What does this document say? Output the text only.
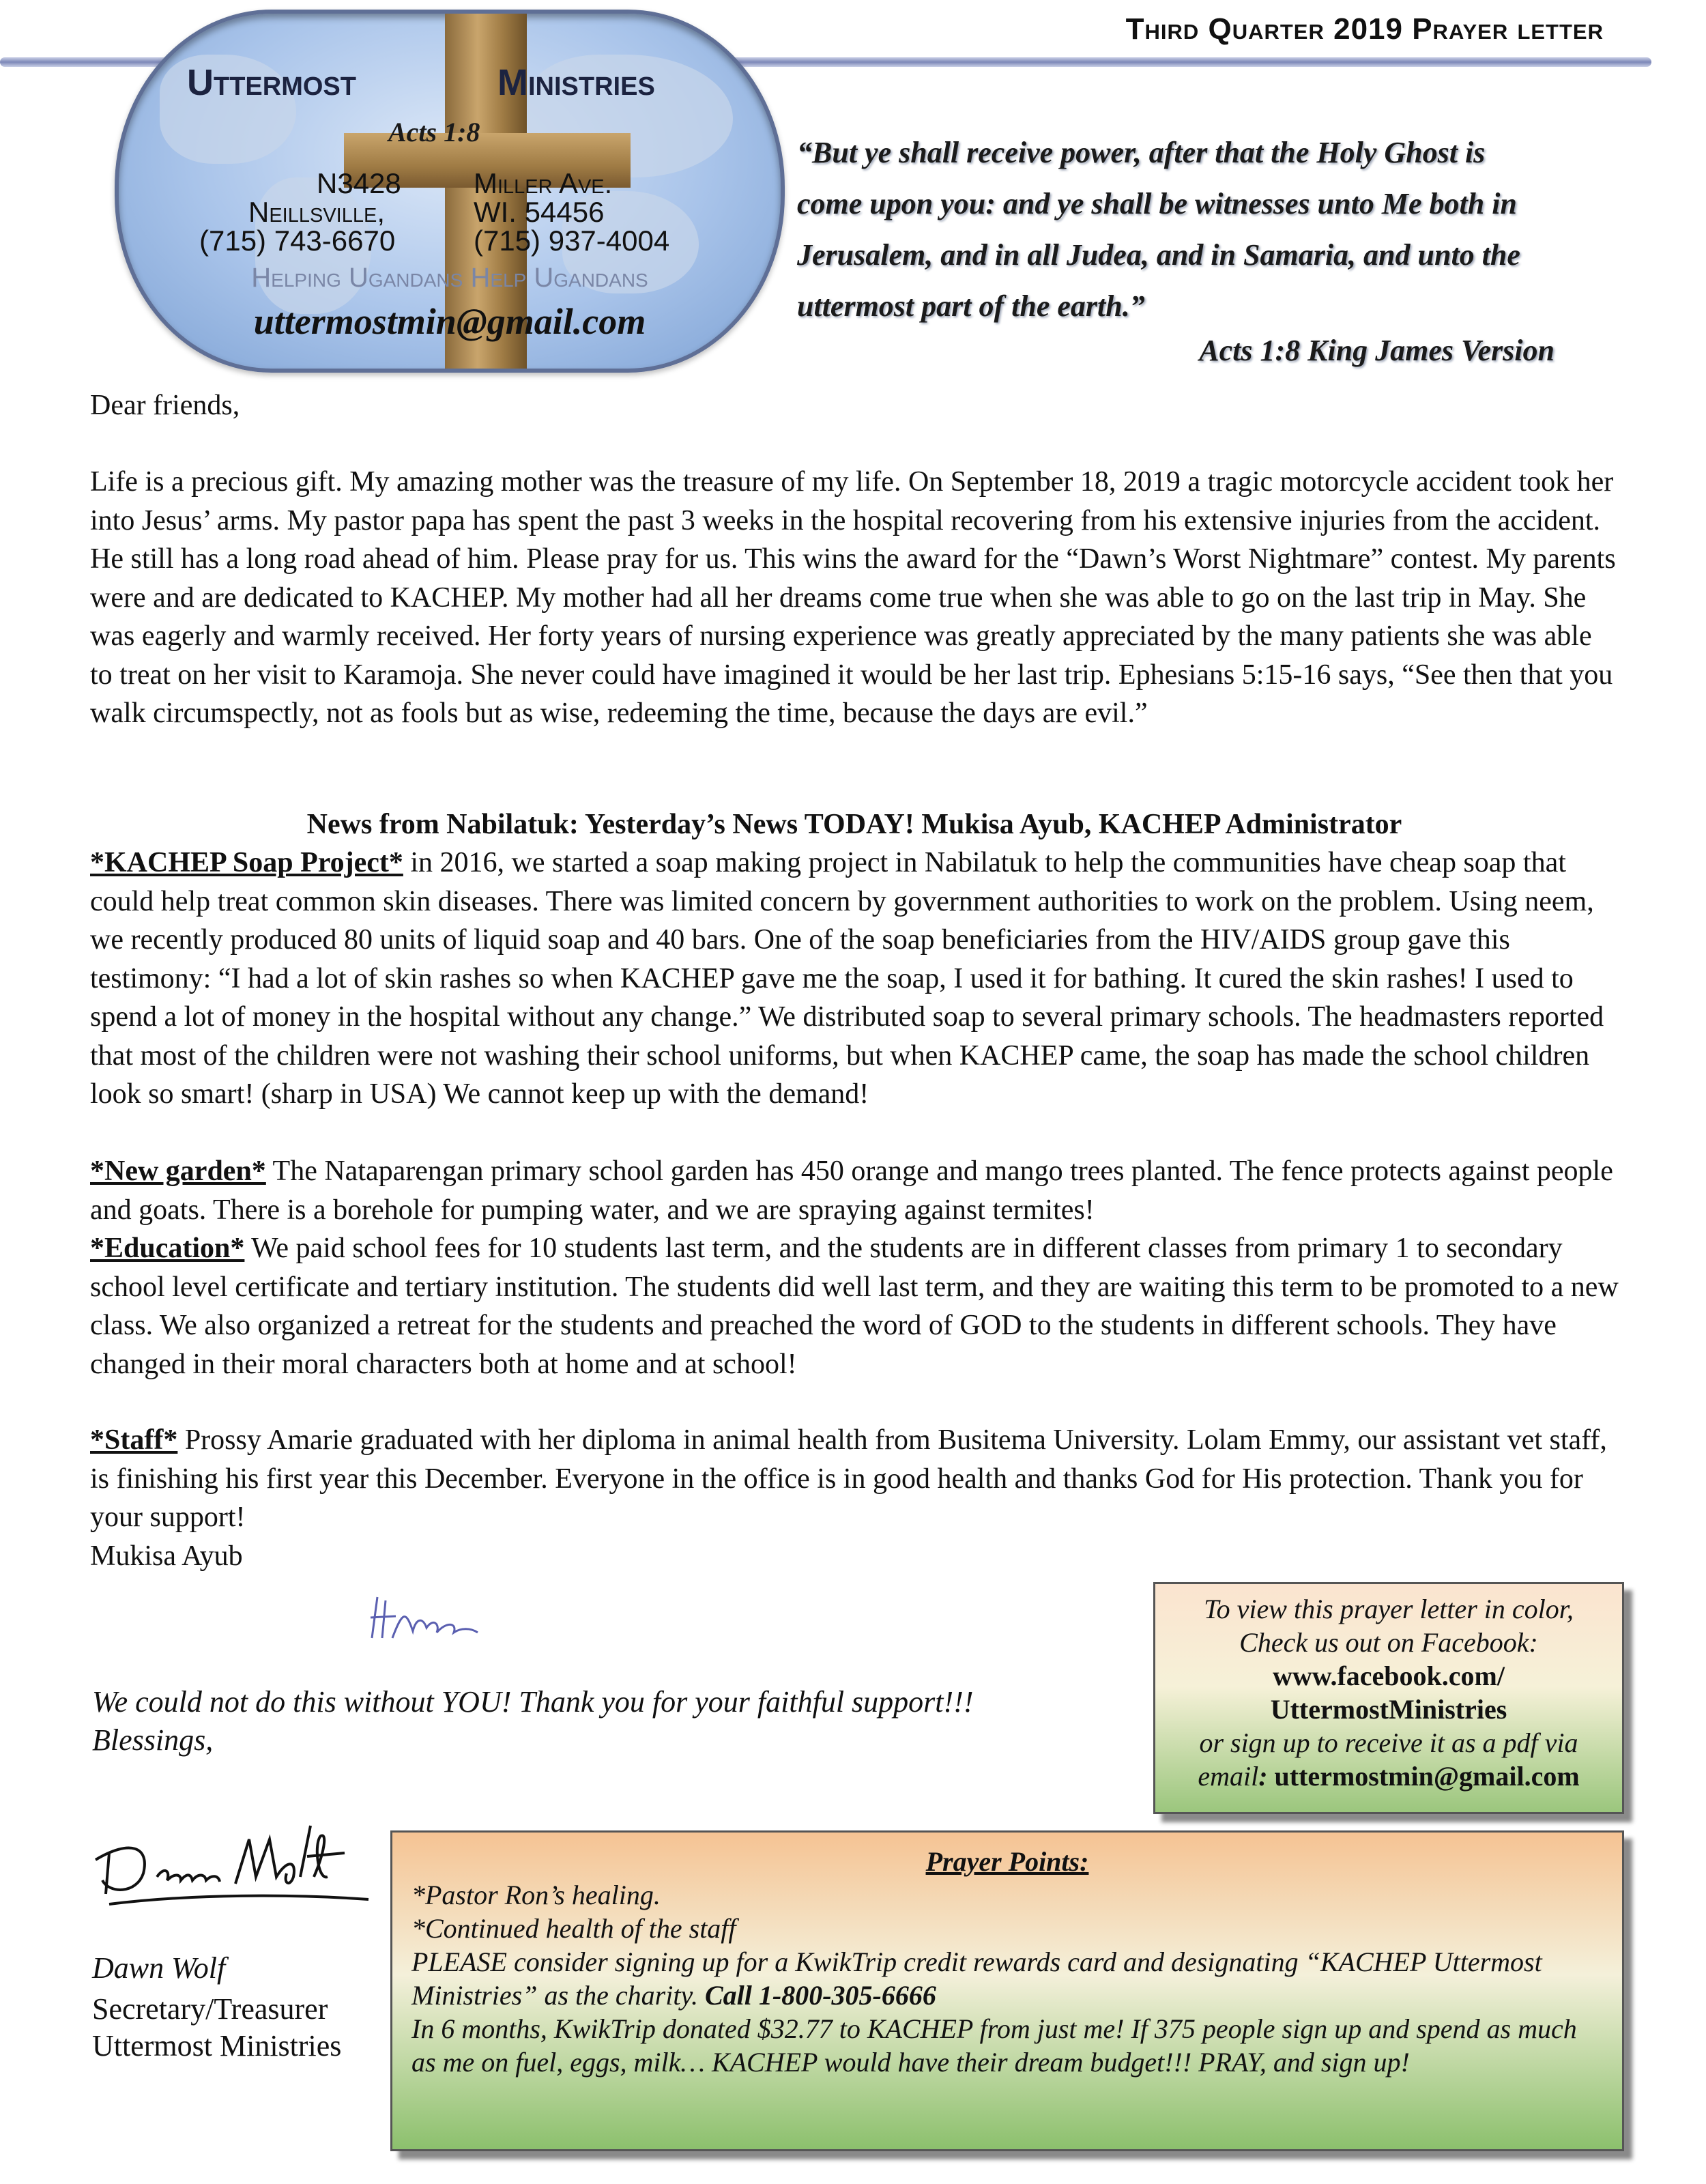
Third Quarter 2019 Prayer letter
Uttermost	Ministries
Acts 1:8
N3428	Miller Ave.
Neillsville,	WI. 54456
(715) 743-6670	(715) 937-4004
Helping Ugandans Help Ugandans
uttermostmin@gmail.com
“But ye shall receive power, after that the Holy Ghost is come upon you: and ye shall be witnesses unto Me both in Jerusalem, and in all Judea, and in Samaria, and unto the uttermost part of the earth.”
Acts 1:8 King James Version
Dear friends,
Life is a precious gift. My amazing mother was the treasure of my life. On September 18, 2019 a tragic motorcycle accident took her into Jesus’ arms. My pastor papa has spent the past 3 weeks in the hospital recovering from his extensive injuries from the accident. He still has a long road ahead of him. Please pray for us. This wins the award for the “Dawn’s Worst Nightmare” contest. My parents were and are dedicated to KACHEP. My mother had all her dreams come true when she was able to go on the last trip in May. She was eagerly and warmly received. Her forty years of nursing experience was greatly appreciated by the many patients she was able to treat on her visit to Karamoja. She never could have imagined it would be her last trip. Ephesians 5:15-16 says, “See then that you walk circumspectly, not as fools but as wise, redeeming the time, because the days are evil.”
News from Nabilatuk: Yesterday’s News TODAY! Mukisa Ayub, KACHEP Administrator
*KACHEP Soap Project* in 2016, we started a soap making project in Nabilatuk to help the communities have cheap soap that could help treat common skin diseases. There was limited concern by government authorities to work on the problem. Using neem, we recently produced 80 units of liquid soap and 40 bars. One of the soap beneficiaries from the HIV/AIDS group gave this testimony: “I had a lot of skin rashes so when KACHEP gave me the soap, I used it for bathing. It cured the skin rashes! I used to spend a lot of money in the hospital without any change.” We distributed soap to several primary schools. The headmasters reported that most of the children were not washing their school uniforms, but when KACHEP came, the soap has made the school children look so smart! (sharp in USA) We cannot keep up with the demand!
*New garden* The Nataparengan primary school garden has 450 orange and mango trees planted. The fence protects against people and goats. There is a borehole for pumping water, and we are spraying against termites!
*Education* We paid school fees for 10 students last term, and the students are in different classes from primary 1 to secondary school level certificate and tertiary institution. The students did well last term, and they are waiting this term to be promoted to a new class. We also organized a retreat for the students and preached the word of GOD to the students in different schools. They have changed in their moral characters both at home and at school!
*Staff* Prossy Amarie graduated with her diploma in animal health from Busitema University. Lolam Emmy, our assistant vet staff, is finishing his first year this December. Everyone in the office is in good health and thanks God for His protection. Thank you for your support!
Mukisa Ayub
We could not do this without YOU! Thank you for your faithful support!!!
Blessings,
To view this prayer letter in color,
Check us out on Facebook:
www.facebook.com/
UttermostMinistries
or sign up to receive it as a pdf via
email: uttermostmin@gmail.com
Dawn Wolf
Secretary/Treasurer
Uttermost Ministries
Prayer Points:
*Pastor Ron’s healing.
*Continued health of the staff
PLEASE consider signing up for a KwikTrip credit rewards card and designating “KACHEP Uttermost Ministries” as the charity. Call 1-800-305-6666
In 6 months, KwikTrip donated $32.77 to KACHEP from just me! If 375 people sign up and spend as much as me on fuel, eggs, milk… KACHEP would have their dream budget!!! PRAY, and sign up!
